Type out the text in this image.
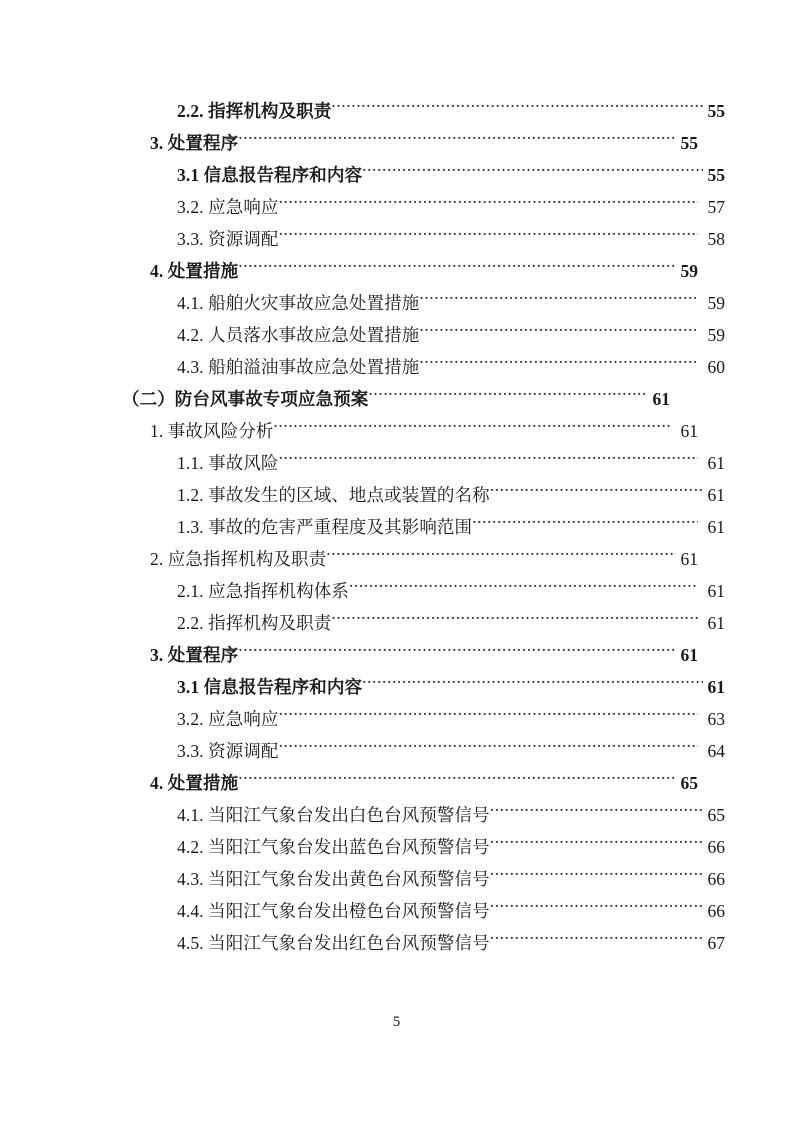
2.2. 指挥机构及职责 .....	55
3. 处置程序 .....	55
3.1 信息报告程序和内容 .....	55
3.2. 应急响应 .....	57
3.3. 资源调配 .....	58
4. 处置措施 .....	59
4.1. 船舶火灾事故应急处置措施 .....	59
4.2. 人员落水事故应急处置措施 .....	59
4.3. 船舶溢油事故应急处置措施 .....	60
（二）防台风事故专项应急预案 .....	61
1. 事故风险分析 .....	61
1.1. 事故风险 .....	61
1.2. 事故发生的区域、地点或装置的名称 .....	61
1.3. 事故的危害严重程度及其影响范围 .....	61
2. 应急指挥机构及职责 .....	61
2.1. 应急指挥机构体系 .....	61
2.2. 指挥机构及职责 .....	61
3. 处置程序 .....	61
3.1 信息报告程序和内容 .....	61
3.2. 应急响应 .....	63
3.3. 资源调配 .....	64
4. 处置措施 .....	65
4.1. 当阳江气象台发出白色台风预警信号 .....	65
4.2. 当阳江气象台发出蓝色台风预警信号 .....	66
4.3. 当阳江气象台发出黄色台风预警信号 .....	66
4.4. 当阳江气象台发出橙色台风预警信号 .....	66
4.5. 当阳江气象台发出红色台风预警信号 .....	67
5
